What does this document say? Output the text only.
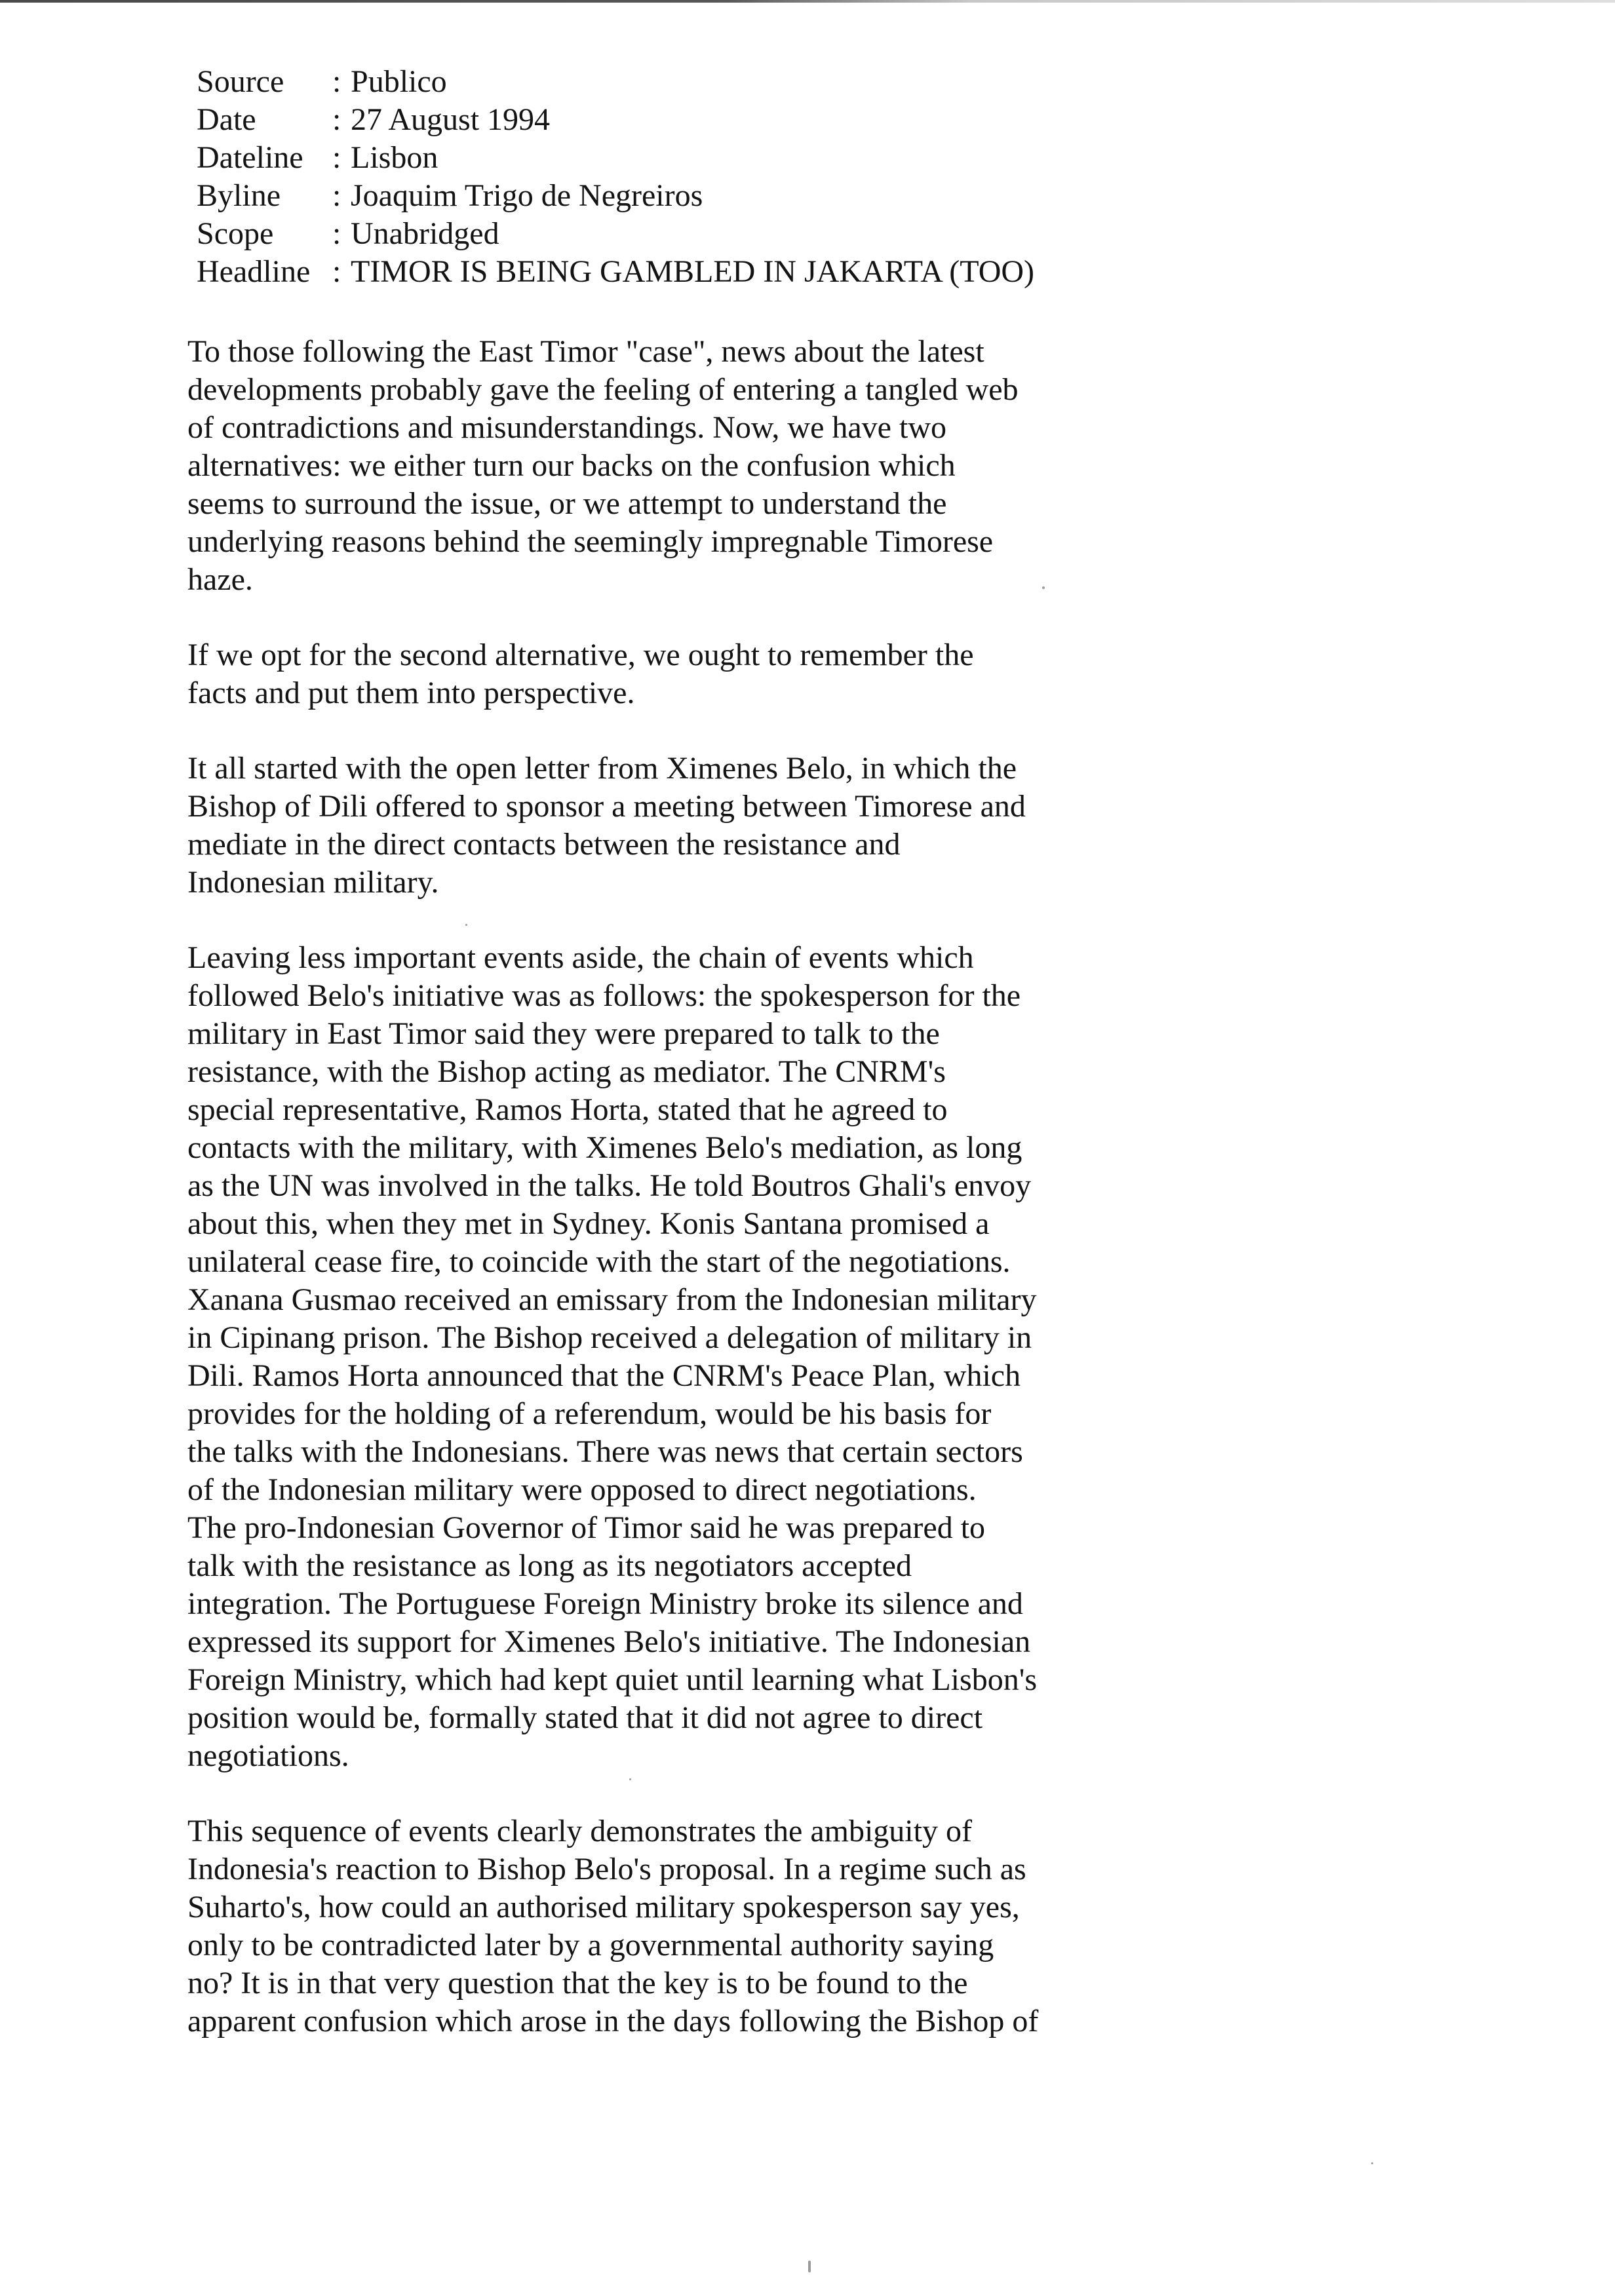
Source	: Publico
Date	: 27 August 1994
Dateline : Lisbon
Byline	: Joaquim Trigo de Negreiros
Scope	: Unabridged
Headline : TIMOR IS BEING GAMBLED IN JAKARTA (TOO)

To those following the East Timor "case", news about the latest
developments probably gave the feeling of entering a tangled web
of contradictions and misunderstandings. Now, we have two
alternatives: we either turn our backs on the confusion which
seems to surround the issue, or we attempt to understand the
underlying reasons behind the seemingly impregnable Timorese
haze.

If we opt for the second alternative, we ought to remember the
facts and put them into perspective.

It all started with the open letter from Ximenes Belo, in which the
Bishop of Dili offered to sponsor a meeting between Timorese and
mediate in the direct contacts between the resistance and
Indonesian military.

Leaving less important events aside, the chain of events which
followed Belo's initiative was as follows: the spokesperson for the
military in East Timor said they were prepared to talk to the
resistance, with the Bishop acting as mediator. The CNRM's
special representative, Ramos Horta, stated that he agreed to
contacts with the military, with Ximenes Belo's mediation, as long
as the UN was involved in the talks. He told Boutros Ghali's envoy
about this, when they met in Sydney. Konis Santana promised a
unilateral cease fire, to coincide with the start of the negotiations.
Xanana Gusmao received an emissary from the Indonesian military
in Cipinang prison. The Bishop received a delegation of military in
Dili. Ramos Horta announced that the CNRM's Peace Plan, which
provides for the holding of a referendum, would be his basis for
the talks with the Indonesians. There was news that certain sectors
of the Indonesian military were opposed to direct negotiations.
The pro-Indonesian Governor of Timor said he was prepared to
talk with the resistance as long as its negotiators accepted
integration. The Portuguese Foreign Ministry broke its silence and
expressed its support for Ximenes Belo's initiative. The Indonesian
Foreign Ministry, which had kept quiet until learning what Lisbon's
position would be, formally stated that it did not agree to direct
negotiations.

This sequence of events clearly demonstrates the ambiguity of
Indonesia's reaction to Bishop Belo's proposal. In a regime such as
Suharto's, how could an authorised military spokesperson say yes,
only to be contradicted later by a governmental authority saying
no? It is in that very question that the key is to be found to the
apparent confusion which arose in the days following the Bishop of
